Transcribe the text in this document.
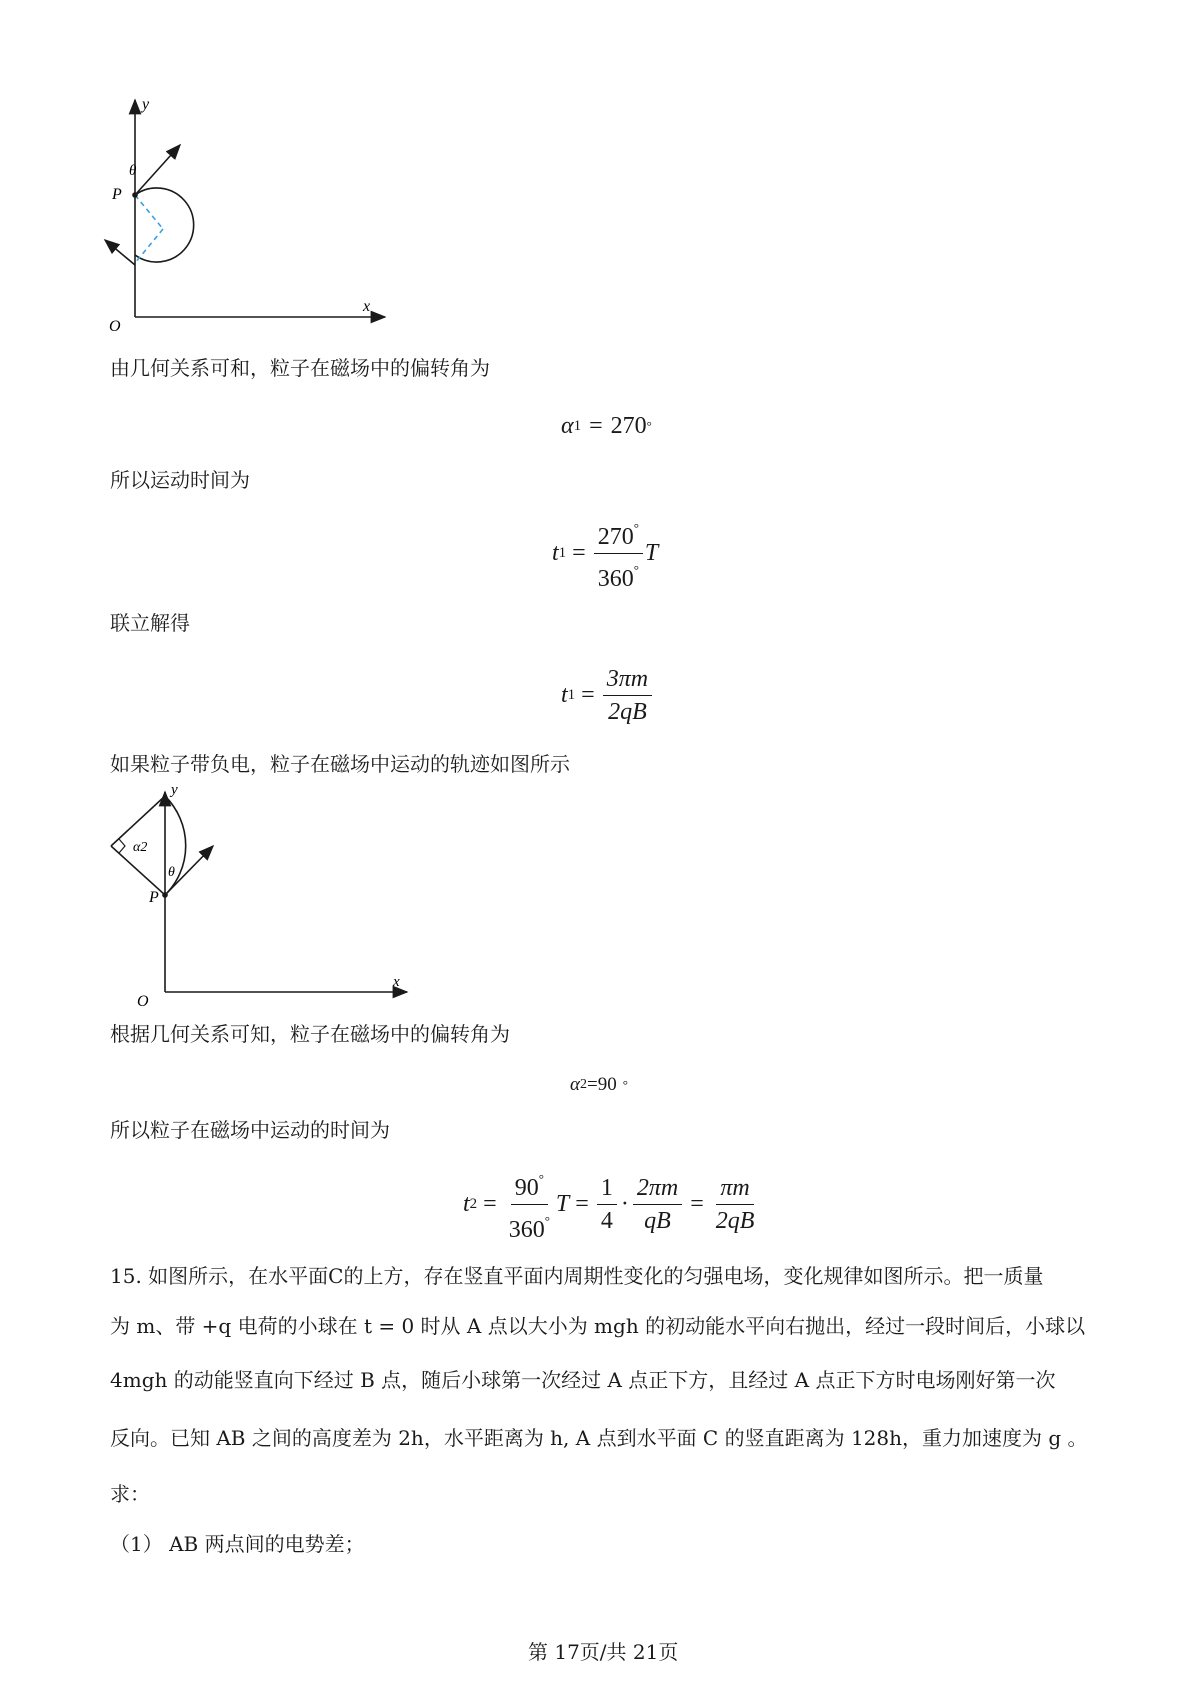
y
x
O
P
θ
由几何关系可和，粒子在磁场中的偏转角为
α 1 = 270 °
所以运动时间为
t $1 = \frac{270^\circ}{360^\circ}$ T
联立解得
t $1 = \frac{3\pi m}{2qB}$
如果粒子带负电，粒子在磁场中运动的轨迹如图所示
y
x
O
P
θ
α2
根据几何关系可知，粒子在磁场中的偏转角为
α 2 =90 °
所以粒子在磁场中运动的时间为
t $2 = \frac{90^\circ}{360^\circ}$ $T = \frac{1}{4} \cdot \frac{2\pi m}{qB} = \frac{\pi m}{2qB}$
15. 如图所示，在水平面C的上方，存在竖直平面内周期性变化的匀强电场，变化规律如图所示。把一质量
为 m、带 +q 电荷的小球在 t = 0 时从 A 点以大小为 mgh 的初动能水平向右抛出，经过一段时间后，小球以
4mgh 的动能竖直向下经过 B 点，随后小球第一次经过 A 点正下方，且经过 A 点正下方时电场刚好第一次
反向。已知 AB 之间的高度差为 2h，水平距离为 h, A 点到水平面 C 的竖直距离为 128h，重力加速度为 g 。
求：
（1） AB 两点间的电势差；
第 17页/共 21页
